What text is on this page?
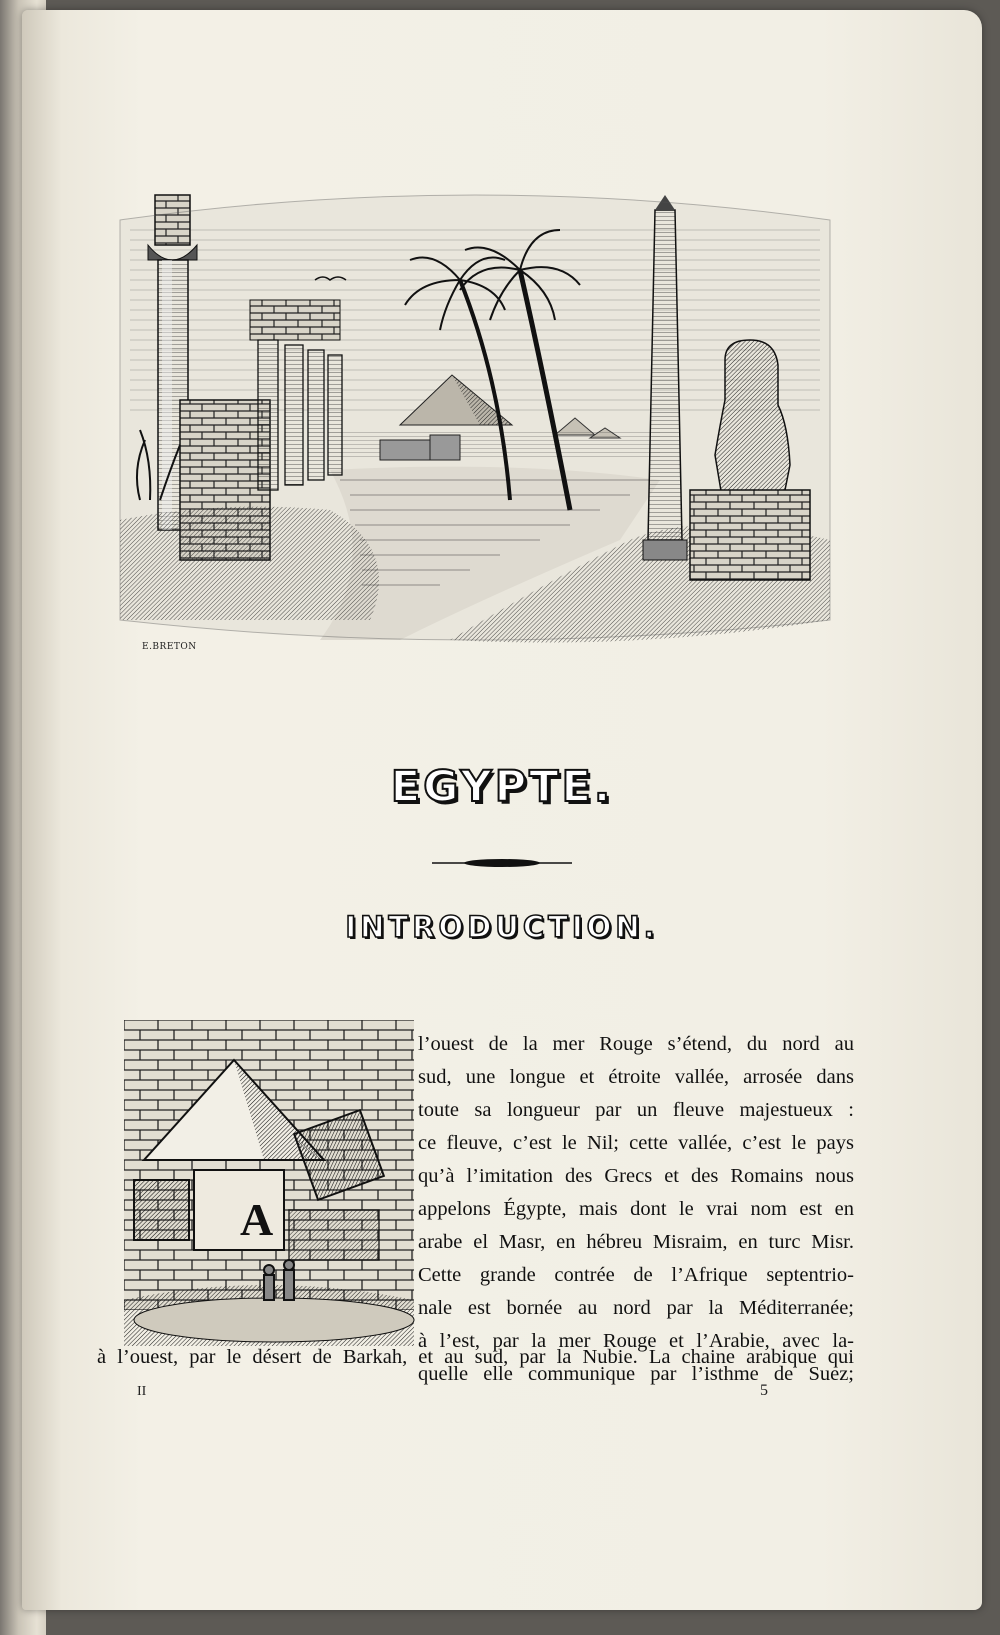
E.BRETON
EGYPTE.
INTRODUCTION.
A
l’ouest de la mer Rouge s’étend, du nord au
sud, une longue et étroite vallée, arrosée dans
toute sa longueur par un fleuve majestueux :
ce fleuve, c’est le Nil; cette vallée, c’est le pays
qu’à l’imitation des Grecs et des Romains nous
appelons Égypte, mais dont le vrai nom est en
arabe el Masr, en hébreu Misraim, en turc Misr.
Cette grande contrée de l’Afrique septentrio-
nale est bornée au nord par la Méditerranée;
à l’est, par la mer Rouge et l’Arabie, avec la-
quelle elle communique par l’isthme de Suez;
à l’ouest, par le désert de Barkah, et au sud, par la Nubie. La chaine arabique qui
II	5
